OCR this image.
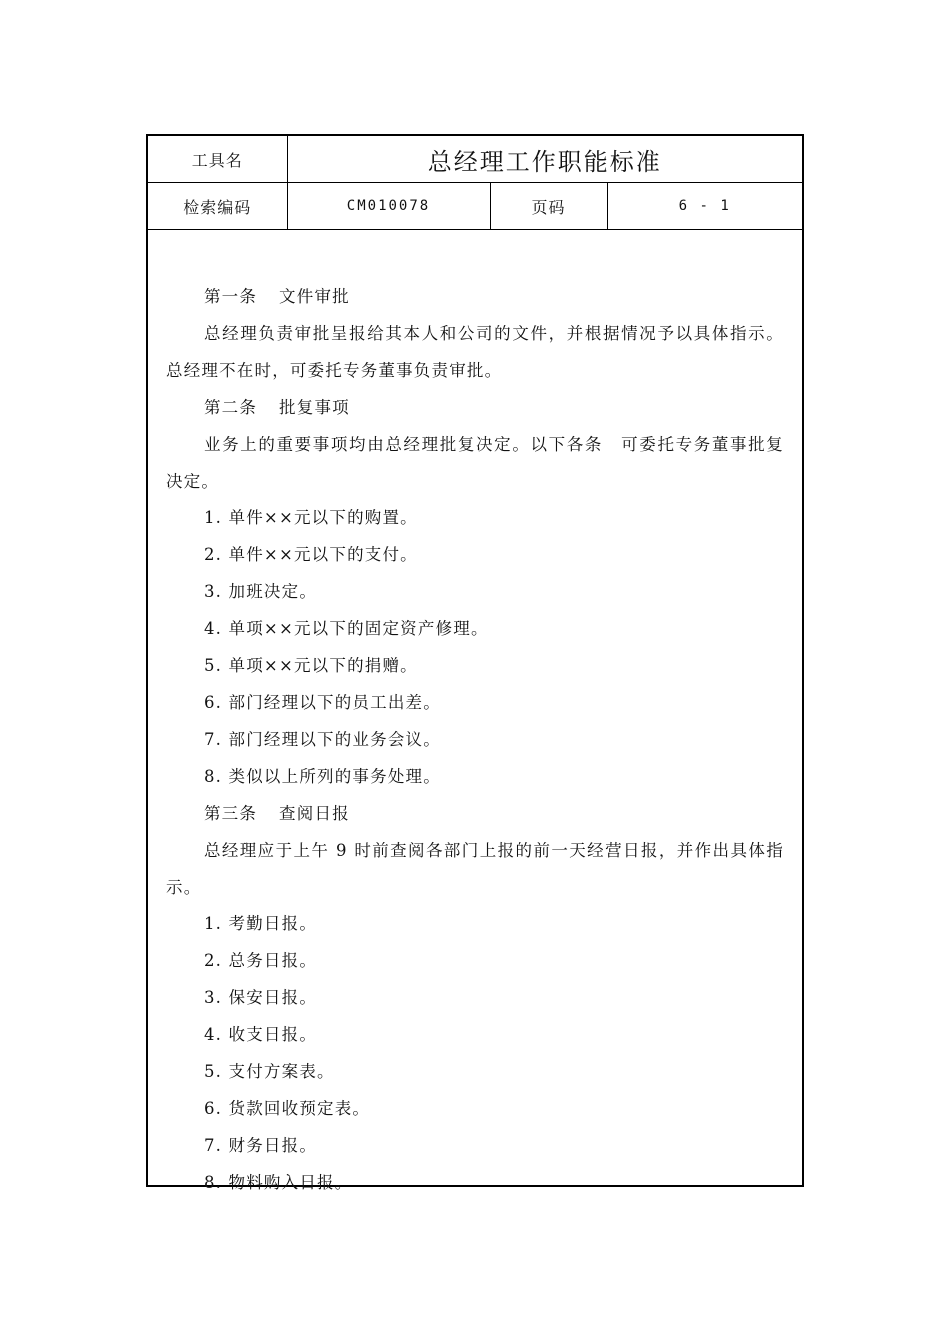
工具名	总经理工作职能标准		
检索编码	CM010078	页码	6 - 1

第一条 文件审批

总经理负责审批呈报给其本人和公司的文件，并根据情况予以具体指示。总经理不在时，可委托专务董事负责审批。

第二条 批复事项

业务上的重要事项均由总经理批复决定。以下各条　可委托专务董事批复决定。

1. 单件××元以下的购置。

2. 单件××元以下的支付。

3. 加班决定。

4. 单项××元以下的固定资产修理。

5. 单项××元以下的捐赠。

6. 部门经理以下的员工出差。

7. 部门经理以下的业务会议。

8. 类似以上所列的事务处理。

第三条 查阅日报

总经理应于上午 9 时前查阅各部门上报的前一天经营日报，并作出具体指示。

1. 考勤日报。

2. 总务日报。

3. 保安日报。

4. 收支日报。

5. 支付方案表。

6. 货款回收预定表。

7. 财务日报。

8. 物料购入日报。
